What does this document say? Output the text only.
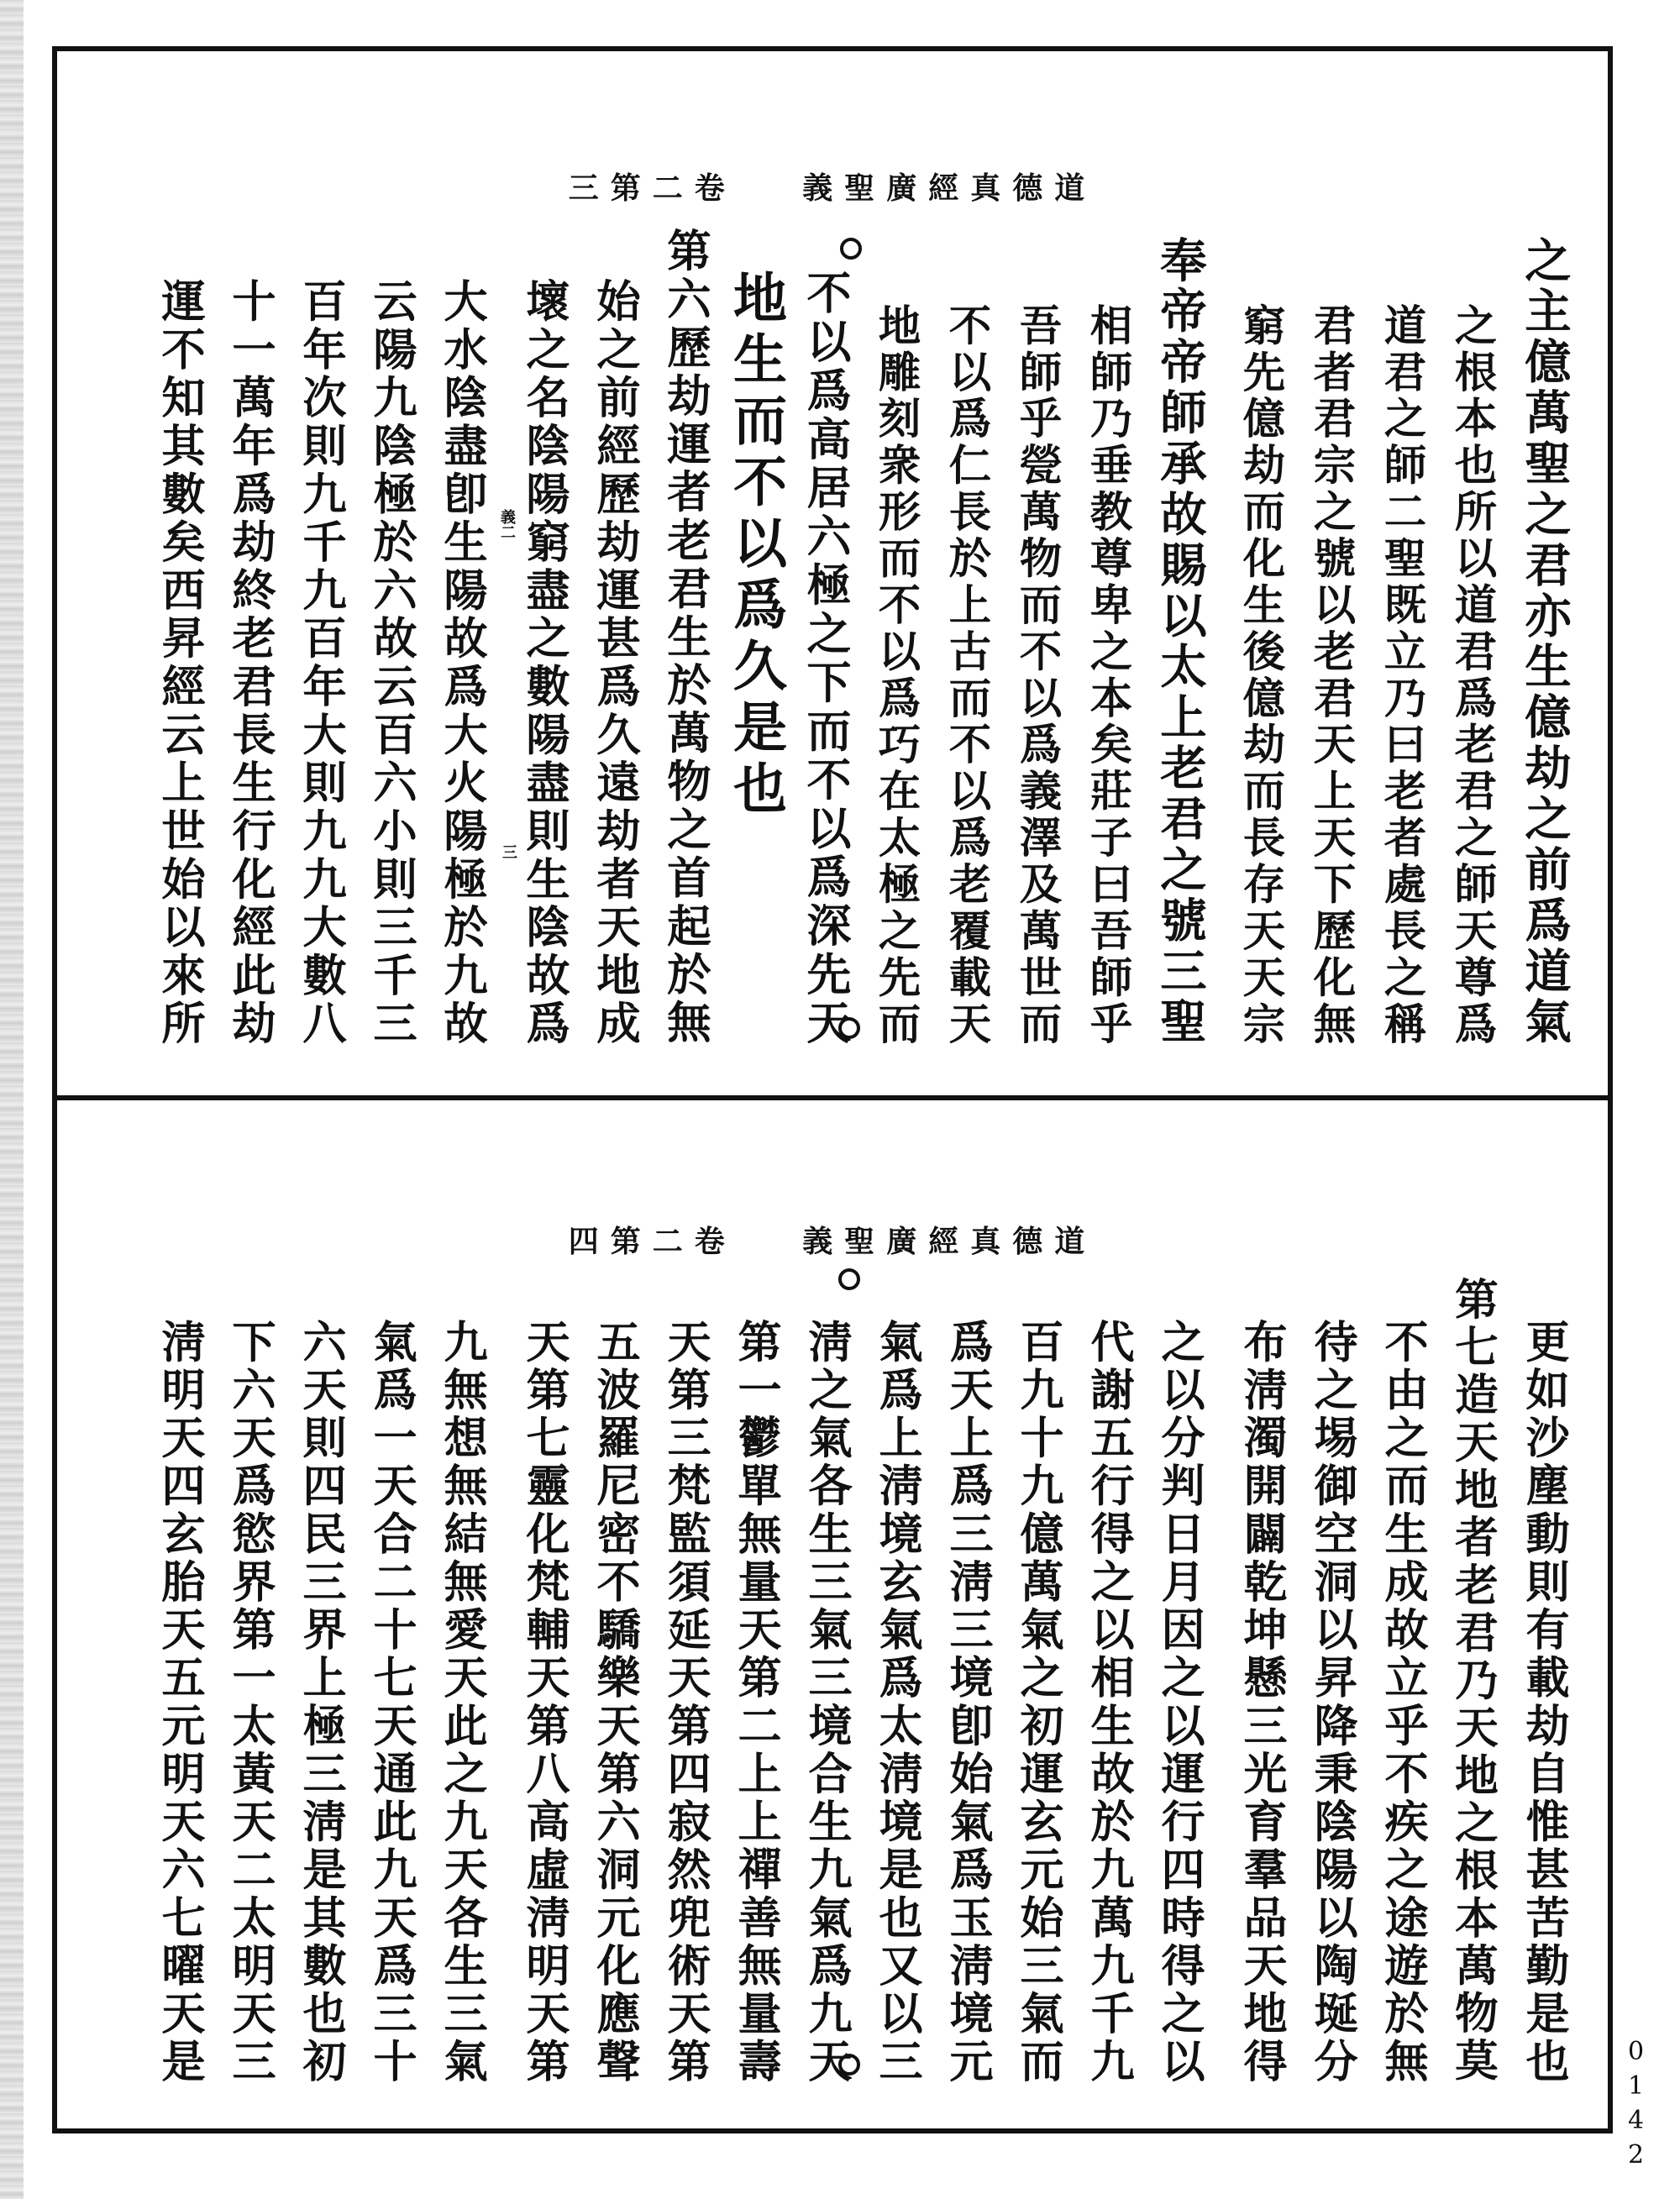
道德真經廣聖義 卷二第三
之主億萬聖之君亦生億劫之前爲道氣
之根本也所以道君爲老君之師天尊爲
道君之師二聖既立乃曰老者處長之稱
君者君宗之號以老君天上天下歷化無
窮先億劫而化生後億劫而長存天天宗
奉帝帝師承故賜以太上老君之號三聖
相師乃垂教尊卑之本矣莊子曰吾師乎
吾師乎甇萬物而不以爲義澤及萬世而
不以爲仁長於上古而不以爲老覆載天
地雕刻衆形而不以爲巧在太極之先而
不以爲高居六極之下而不以爲深先天
地生而不以爲久是也
第六歷劫運者老君生於萬物之首起於無
始之前經歷劫運甚爲久遠劫者天地成
壞之名陰陽窮盡之數陽盡則生陰故爲
大水陰盡卽生陽故爲大火陽極於九故
云陽九陰極於六故云百六小則三千三
百年次則九千九百年大則九九大數八
十一萬年爲劫終老君長生行化經此劫
運不知其數矣西昇經云上世始以來所	義二
三
道德真經廣聖義 卷二第四
更如沙塵動則有載劫自惟甚苦勤是也
第七造天地者老君乃天地之根本萬物莫
不由之而生成故立乎不疾之途遊於無
待之埸御空洞以昇降秉陰陽以陶埏分
布淸濁開闢乾坤懸三光育羣品天地得
之以分判日月因之以運行四時得之以
代謝五行得之以相生故於九萬九千九
百九十九億萬氣之初運玄元始三氣而
爲天上爲三淸三境卽始氣爲玉淸境元
氣爲上淸境玄氣爲太淸境是也又以三
淸之氣各生三氣三境合生九氣爲九天
第一鬱單無量天第二上上禪善無量壽
天第三梵監須延天第四寂然兜術天第
五波羅尼密不驕樂天第六洞元化應聲
天第七靈化梵輔天第八高虛淸明天第
九無想無結無愛天此之九天各生三氣
氣爲一天合二十七天通此九天爲三十
六天則四民三界上極三淸是其數也初
下六天爲慾界第一太黃天二太明天三
淸明天四玄胎天五元明天六七曜天是
0142
